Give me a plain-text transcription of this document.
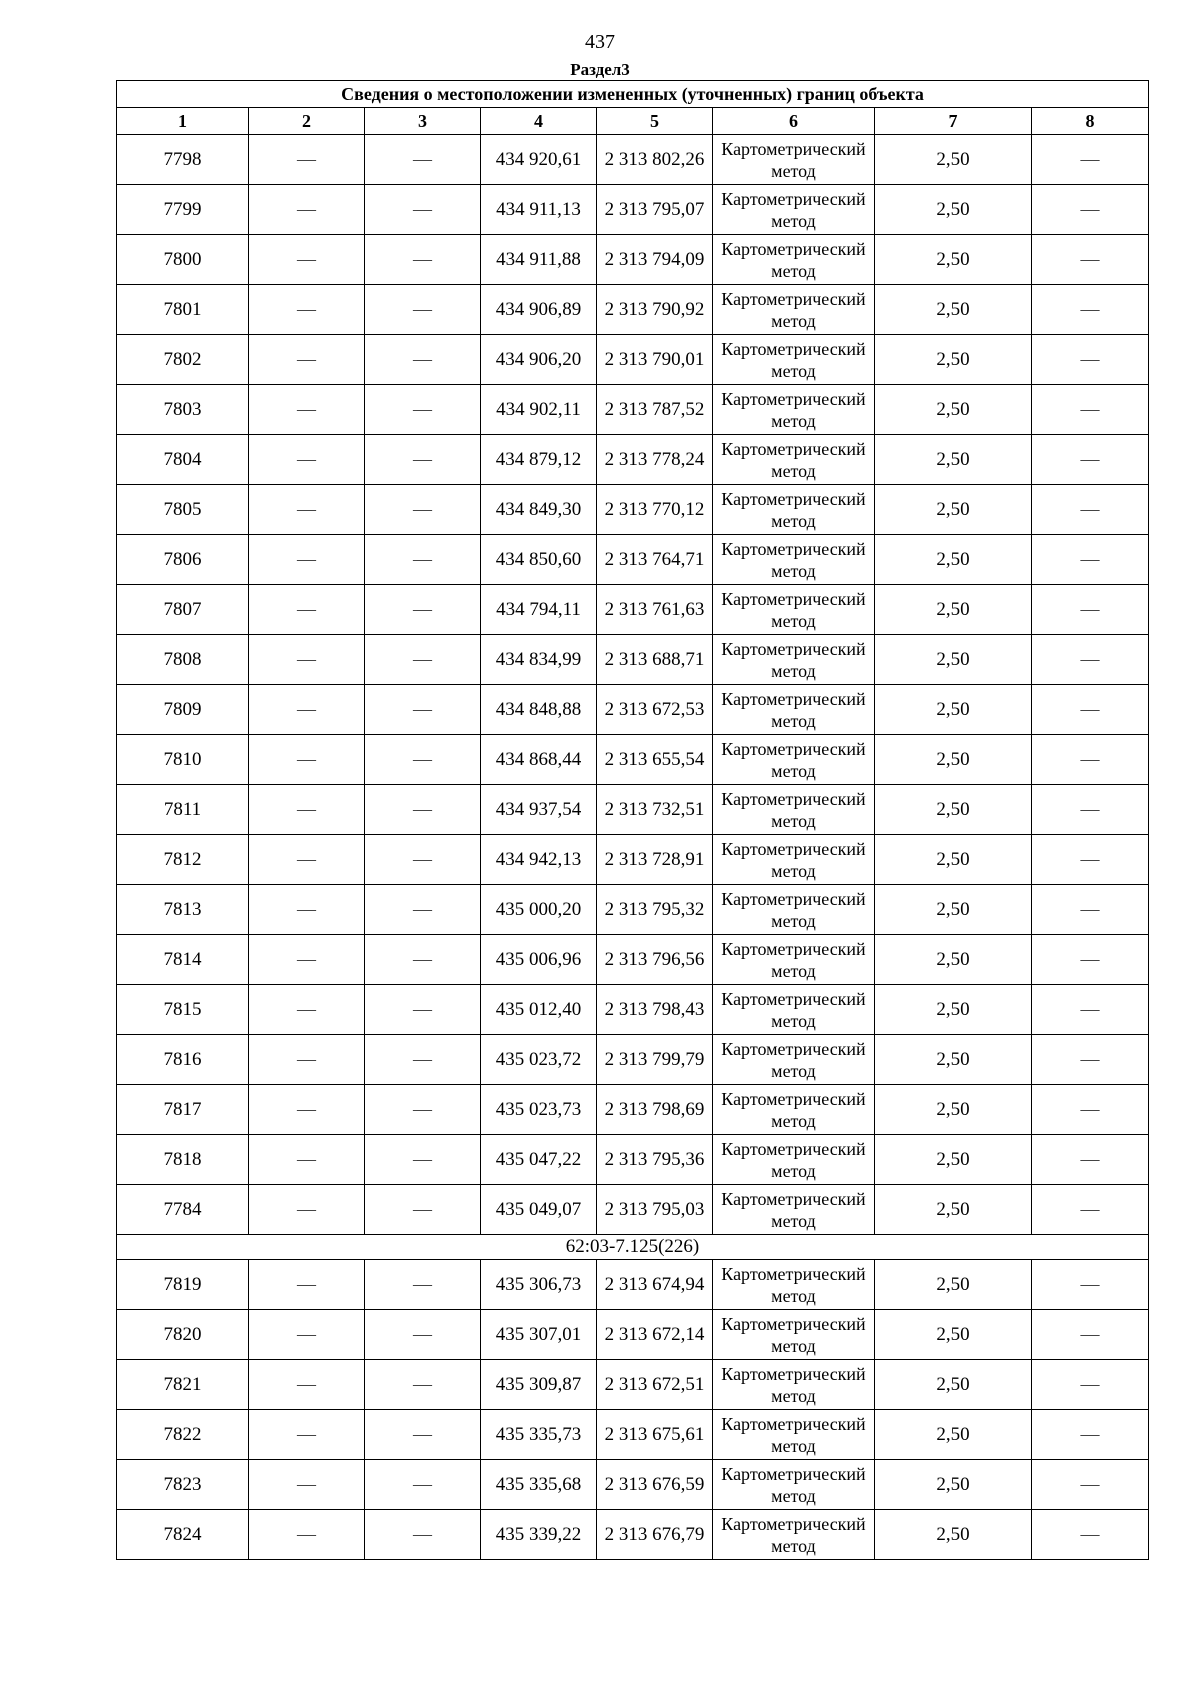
437
Раздел3
Сведения о местоположении измененных (уточненных) границ объекта							
1	2	3	4	5	6	7	8
7798	—	—	434 920,61	2 313 802,26	Картометрический метод	2,50	—
7799	—	—	434 911,13	2 313 795,07	Картометрический метод	2,50	—
7800	—	—	434 911,88	2 313 794,09	Картометрический метод	2,50	—
7801	—	—	434 906,89	2 313 790,92	Картометрический метод	2,50	—
7802	—	—	434 906,20	2 313 790,01	Картометрический метод	2,50	—
7803	—	—	434 902,11	2 313 787,52	Картометрический метод	2,50	—
7804	—	—	434 879,12	2 313 778,24	Картометрический метод	2,50	—
7805	—	—	434 849,30	2 313 770,12	Картометрический метод	2,50	—
7806	—	—	434 850,60	2 313 764,71	Картометрический метод	2,50	—
7807	—	—	434 794,11	2 313 761,63	Картометрический метод	2,50	—
7808	—	—	434 834,99	2 313 688,71	Картометрический метод	2,50	—
7809	—	—	434 848,88	2 313 672,53	Картометрический метод	2,50	—
7810	—	—	434 868,44	2 313 655,54	Картометрический метод	2,50	—
7811	—	—	434 937,54	2 313 732,51	Картометрический метод	2,50	—
7812	—	—	434 942,13	2 313 728,91	Картометрический метод	2,50	—
7813	—	—	435 000,20	2 313 795,32	Картометрический метод	2,50	—
7814	—	—	435 006,96	2 313 796,56	Картометрический метод	2,50	—
7815	—	—	435 012,40	2 313 798,43	Картометрический метод	2,50	—
7816	—	—	435 023,72	2 313 799,79	Картометрический метод	2,50	—
7817	—	—	435 023,73	2 313 798,69	Картометрический метод	2,50	—
7818	—	—	435 047,22	2 313 795,36	Картометрический метод	2,50	—
7784	—	—	435 049,07	2 313 795,03	Картометрический метод	2,50	—
62:03-7.125(226)							
7819	—	—	435 306,73	2 313 674,94	Картометрический метод	2,50	—
7820	—	—	435 307,01	2 313 672,14	Картометрический метод	2,50	—
7821	—	—	435 309,87	2 313 672,51	Картометрический метод	2,50	—
7822	—	—	435 335,73	2 313 675,61	Картометрический метод	2,50	—
7823	—	—	435 335,68	2 313 676,59	Картометрический метод	2,50	—
7824	—	—	435 339,22	2 313 676,79	Картометрический метод	2,50	—
